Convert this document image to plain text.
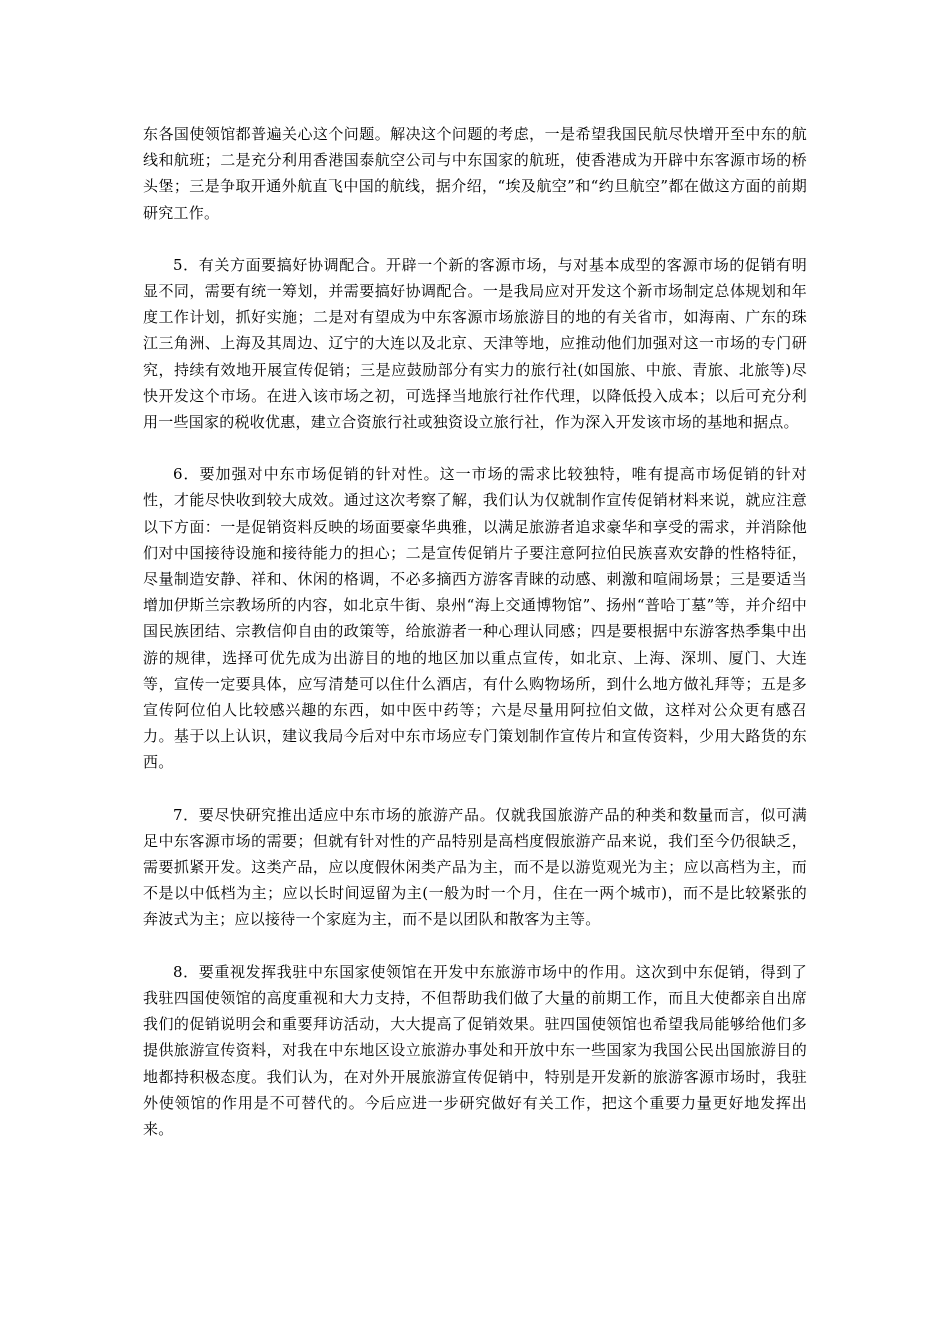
东各国使领馆都普遍关心这个问题。解决这个问题的考虑，一是希望我国民航尽快增开至中东的航线和航班；二是充分利用香港国泰航空公司与中东国家的航班，使香港成为开辟中东客源市场的桥头堡；三是争取开通外航直飞中国的航线，据介绍，“埃及航空”和“约旦航空”都在做这方面的前期研究工作。

5．有关方面要搞好协调配合。开辟一个新的客源市场，与对基本成型的客源市场的促销有明显不同，需要有统一筹划，并需要搞好协调配合。一是我局应对开发这个新市场制定总体规划和年度工作计划，抓好实施；二是对有望成为中东客源市场旅游目的地的有关省市，如海南、广东的珠江三角洲、上海及其周边、辽宁的大连以及北京、天津等地，应推动他们加强对这一市场的专门研究，持续有效地开展宣传促销；三是应鼓励部分有实力的旅行社(如国旅、中旅、青旅、北旅等)尽快开发这个市场。在进入该市场之初，可选择当地旅行社作代理，以降低投入成本；以后可充分利用一些国家的税收优惠，建立合资旅行社或独资设立旅行社，作为深入开发该市场的基地和据点。

6．要加强对中东市场促销的针对性。这一市场的需求比较独特，唯有提高市场促销的针对性，才能尽快收到较大成效。通过这次考察了解，我们认为仅就制作宣传促销材料来说，就应注意以下方面：一是促销资料反映的场面要豪华典雅，以满足旅游者追求豪华和享受的需求，并消除他们对中国接待设施和接待能力的担心；二是宣传促销片子要注意阿拉伯民族喜欢安静的性格特征，尽量制造安静、祥和、休闲的格调，不必多摘西方游客青睐的动感、刺激和喧闹场景；三是要适当增加伊斯兰宗教场所的内容，如北京牛街、泉州“海上交通博物馆”、扬州“普哈丁墓”等，并介绍中国民族团结、宗教信仰自由的政策等，给旅游者一种心理认同感；四是要根据中东游客热季集中出游的规律，选择可优先成为出游目的地的地区加以重点宣传，如北京、上海、深圳、厦门、大连等，宣传一定要具体，应写清楚可以住什么酒店，有什么购物场所，到什么地方做礼拜等；五是多宣传阿位伯人比较感兴趣的东西，如中医中药等；六是尽量用阿拉伯文做，这样对公众更有感召力。基于以上认识，建议我局今后对中东市场应专门策划制作宣传片和宣传资料，少用大路货的东西。

7．要尽快研究推出适应中东市场的旅游产品。仅就我国旅游产品的种类和数量而言，似可满足中东客源市场的需要；但就有针对性的产品特别是高档度假旅游产品来说，我们至今仍很缺乏，需要抓紧开发。这类产品，应以度假休闲类产品为主，而不是以游览观光为主；应以高档为主，而不是以中低档为主；应以长时间逗留为主(一般为时一个月，住在一两个城市)，而不是比较紧张的奔波式为主；应以接待一个家庭为主，而不是以团队和散客为主等。

8．要重视发挥我驻中东国家使领馆在开发中东旅游市场中的作用。这次到中东促销，得到了我驻四国使领馆的高度重视和大力支持，不但帮助我们做了大量的前期工作，而且大使都亲自出席我们的促销说明会和重要拜访活动，大大提高了促销效果。驻四国使领馆也希望我局能够给他们多提供旅游宣传资料，对我在中东地区设立旅游办事处和开放中东一些国家为我国公民出国旅游目的地都持积极态度。我们认为，在对外开展旅游宣传促销中，特别是开发新的旅游客源市场时，我驻外使领馆的作用是不可替代的。今后应进一步研究做好有关工作，把这个重要力量更好地发挥出来。
